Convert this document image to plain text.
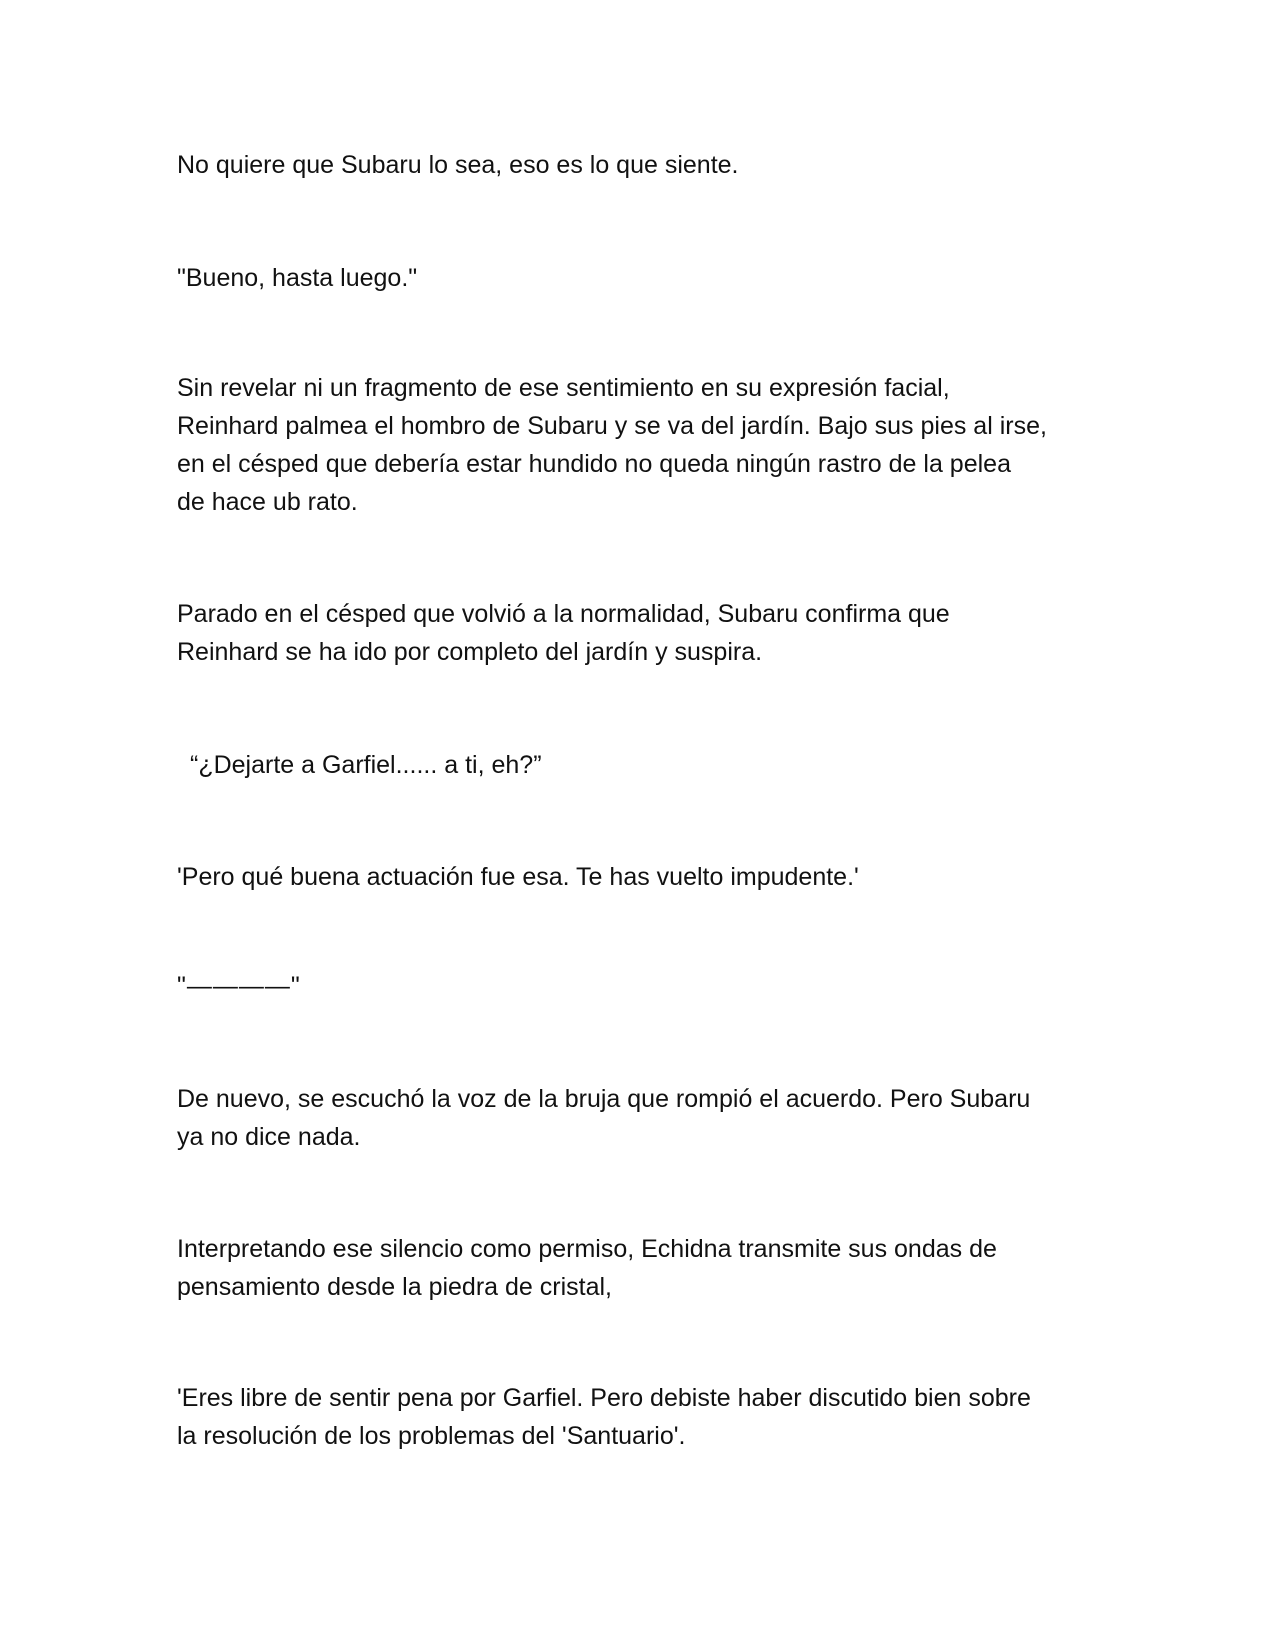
No quiere que Subaru lo sea, eso es lo que siente.

"Bueno, hasta luego."

Sin revelar ni un fragmento de ese sentimiento en su expresión facial,
Reinhard palmea el hombro de Subaru y se va del jardín. Bajo sus pies al irse,
en el césped que debería estar hundido no queda ningún rastro de la pelea
de hace ub rato.

Parado en el césped que volvió a la normalidad, Subaru confirma que
Reinhard se ha ido por completo del jardín y suspira.

“¿Dejarte a Garfiel...... a ti, eh?”

'Pero qué buena actuación fue esa. Te has vuelto impudente.'

"————"

De nuevo, se escuchó la voz de la bruja que rompió el acuerdo. Pero Subaru
ya no dice nada.

Interpretando ese silencio como permiso, Echidna transmite sus ondas de
pensamiento desde la piedra de cristal,

'Eres libre de sentir pena por Garfiel. Pero debiste haber discutido bien sobre
la resolución de los problemas del 'Santuario'.
